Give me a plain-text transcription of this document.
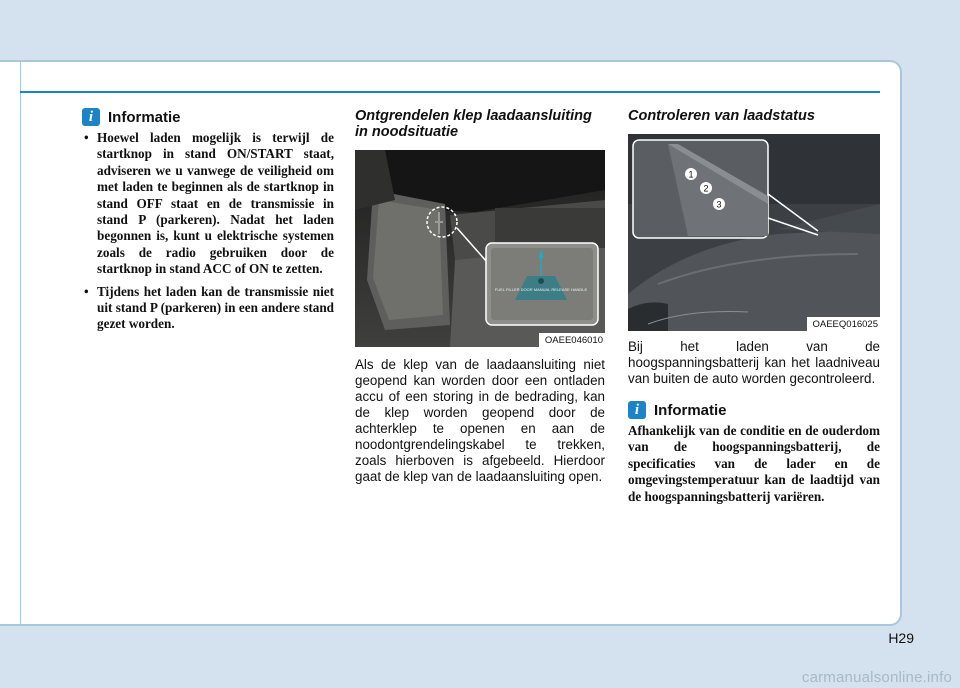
i Informatie
• Hoewel laden mogelijk is terwijl de startknop in stand ON/START staat, adviseren we u vanwege de veiligheid om met laden te beginnen als de startknop in stand OFF staat en de transmissie in stand P (parkeren). Nadat het laden begonnen is, kunt u elektrische systemen zoals de radio gebruiken door de startknop in stand ACC of ON te zetten.
• Tijdens het laden kan de transmissie niet uit stand P (parkeren) in een andere stand gezet worden.
Ontgrendelen klep laadaansluiting in noodsituatie
FUEL FILLER DOOR MANUAL RELEASE HANDLE
OAEE046010
Als de klep van de laadaansluiting niet geopend kan worden door een ontladen accu of een storing in de bedrading, kan de klep worden geopend door de achterklep te openen en aan de noodontgrendelingskabel te trekken, zoals hierboven is afgebeeld. Hierdoor gaat de klep van de laadaansluiting open.
Controleren van laadstatus
1
2
3
OAEEQ016025
Bij het laden van de hoogspanningsbatterij kan het laadniveau van buiten de auto worden gecontroleerd.
i Informatie
Afhankelijk van de conditie en de ouderdom van de hoogspanningsbatterij, de specificaties van de lader en de omgevingstemperatuur kan de laadtijd van de hoogspanningsbatterij variëren.
H29
carmanualsonline.info
